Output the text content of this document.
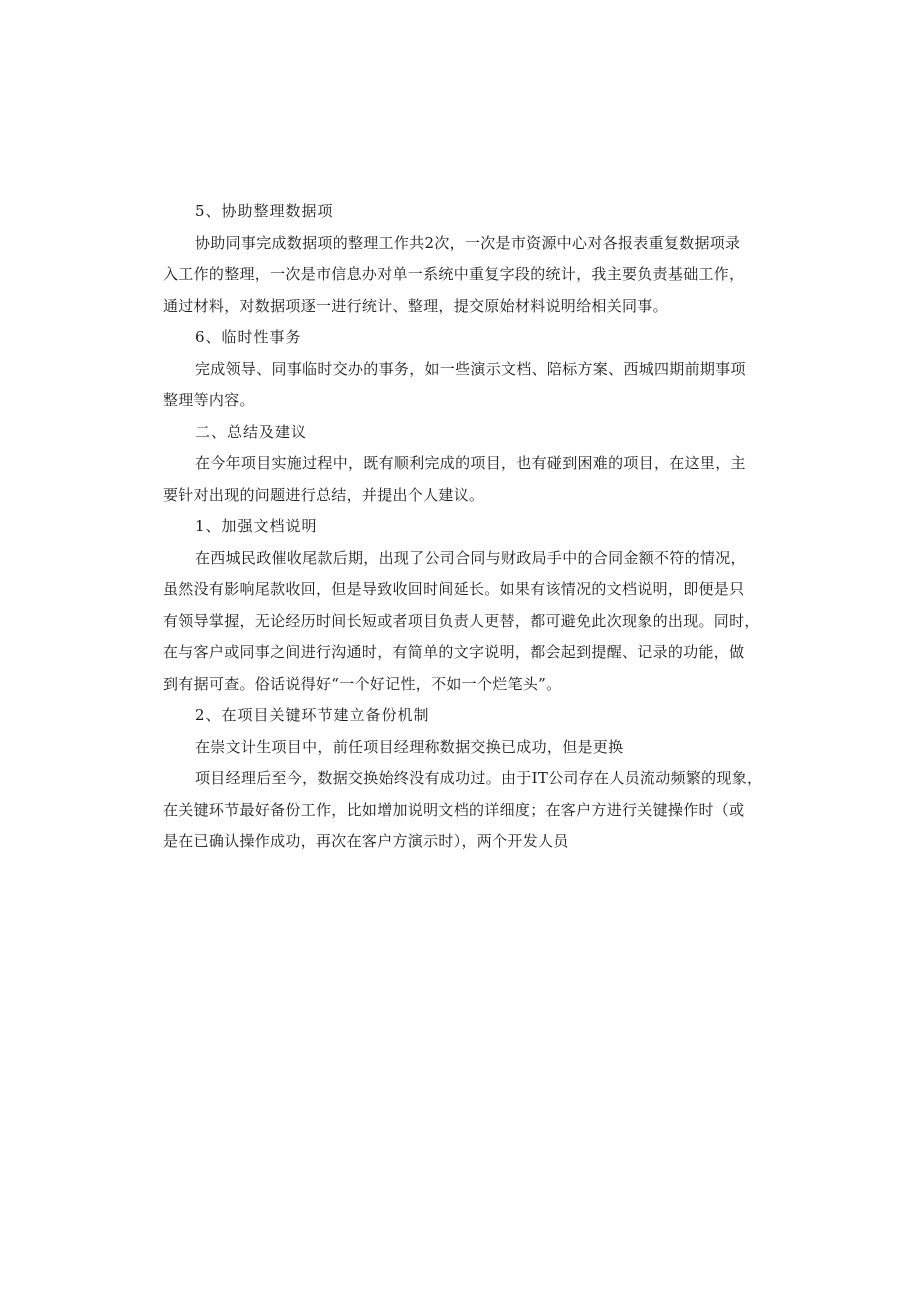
5、协助整理数据项
协助同事完成数据项的整理工作共2次，一次是市资源中心对各报表重复数据项录
入工作的整理，一次是市信息办对单一系统中重复字段的统计，我主要负责基础工作，
通过材料，对数据项逐一进行统计、整理，提交原始材料说明给相关同事。
6、临时性事务
完成领导、同事临时交办的事务，如一些演示文档、陪标方案、西城四期前期事项
整理等内容。
二、总结及建议
在今年项目实施过程中，既有顺利完成的项目，也有碰到困难的项目，在这里，主
要针对出现的问题进行总结，并提出个人建议。
1、加强文档说明
在西城民政催收尾款后期，出现了公司合同与财政局手中的合同金额不符的情况，
虽然没有影响尾款收回，但是导致收回时间延长。如果有该情况的文档说明，即便是只
有领导掌握，无论经历时间长短或者项目负责人更替，都可避免此次现象的出现。同时，
在与客户或同事之间进行沟通时，有简单的文字说明，都会起到提醒、记录的功能，做
到有据可查。俗话说得好“一个好记性，不如一个烂笔头”。
2、在项目关键环节建立备份机制
在崇文计生项目中，前任项目经理称数据交换已成功，但是更换
项目经理后至今，数据交换始终没有成功过。由于IT公司存在人员流动频繁的现象，
在关键环节最好备份工作，比如增加说明文档的详细度；在客户方进行关键操作时（或
是在已确认操作成功，再次在客户方演示时），两个开发人员
